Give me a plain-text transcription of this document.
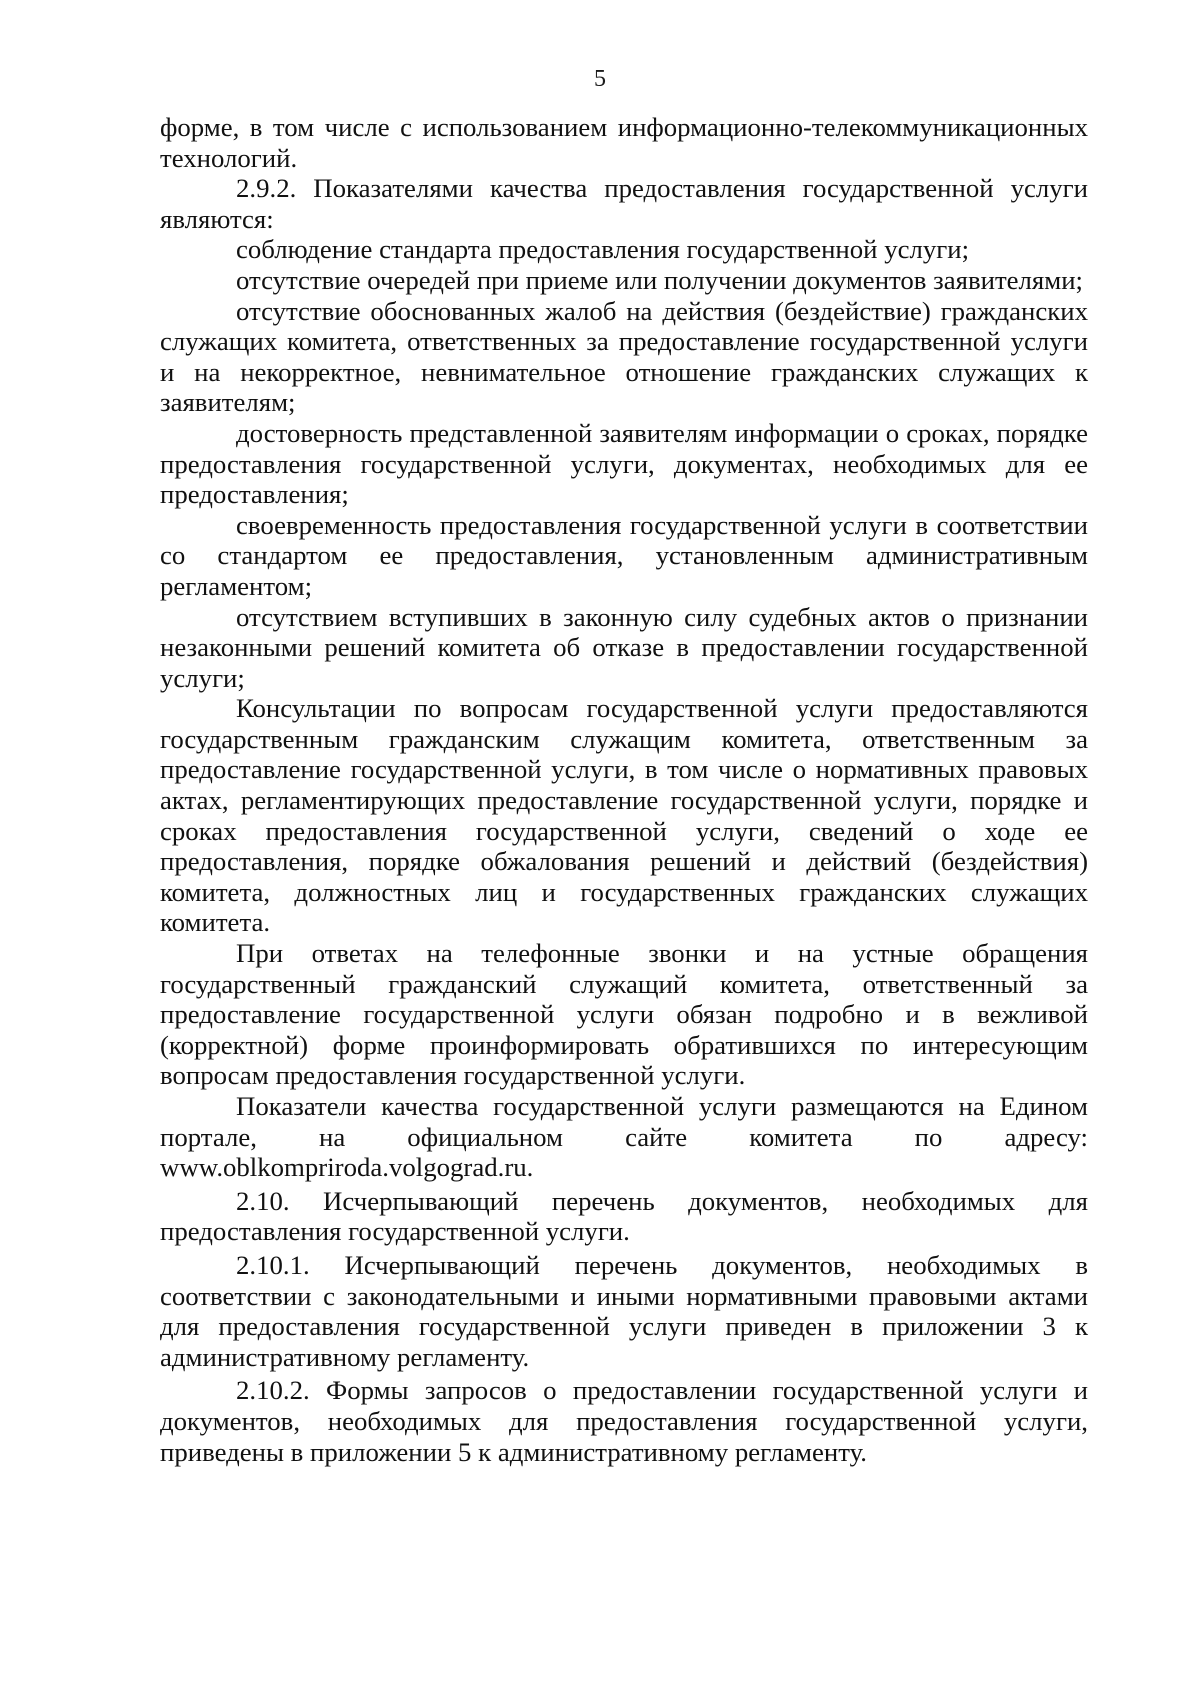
5

форме, в том числе с использованием информационно-телекоммуникационных технологий.

2.9.2. Показателями качества предоставления государственной услуги являются:

соблюдение стандарта предоставления государственной услуги;

отсутствие очередей при приеме или получении документов заявителями;

отсутствие обоснованных жалоб на действия (бездействие) гражданских служащих комитета, ответственных за предоставление государственной услуги и на некорректное, невнимательное отношение гражданских служащих к заявителям;

достоверность представленной заявителям информации о сроках, порядке предоставления государственной услуги, документах, необходимых для ее предоставления;

своевременность предоставления государственной услуги в соответствии со стандартом ее предоставления, установленным административным регламентом;

отсутствием вступивших в законную силу судебных актов о признании незаконными решений комитета об отказе в предоставлении государственной услуги;

Консультации по вопросам государственной услуги предоставляются государственным гражданским служащим комитета, ответственным за предоставление государственной услуги, в том числе о нормативных правовых актах, регламентирующих предоставление государственной услуги, порядке и сроках предоставления государственной услуги, сведений о ходе ее предоставления, порядке обжалования решений и действий (бездействия) комитета, должностных лиц и государственных гражданских служащих комитета.

При ответах на телефонные звонки и на устные обращения государственный гражданский служащий комитета, ответственный за предоставление государственной услуги обязан подробно и в вежливой (корректной) форме проинформировать обратившихся по интересующим вопросам предоставления государственной услуги.

Показатели качества государственной услуги размещаются на Едином портале, на официальном сайте комитета по адресу: www.oblkompriroda.volgograd.ru.

2.10. Исчерпывающий перечень документов, необходимых для предоставления государственной услуги.

2.10.1. Исчерпывающий перечень документов, необходимых в соответствии с законодательными и иными нормативными правовыми актами для предоставления государственной услуги приведен в приложении 3 к административному регламенту.

2.10.2. Формы запросов о предоставлении государственной услуги и документов, необходимых для предоставления государственной услуги, приведены в приложении 5 к административному регламенту.
